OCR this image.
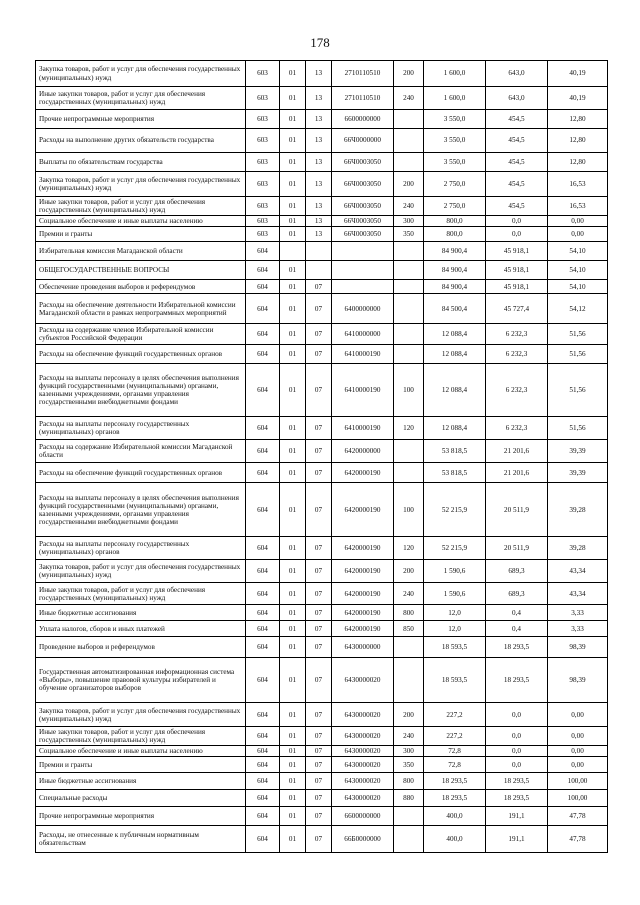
178
Закупка товаров, работ и услуг для обеспечения государственных (муниципальных) нужд	603	01	13	2710110510	200	1 600,0	643,0	40,19
Иные закупки товаров, работ и услуг для обеспечения государственных (муниципальных) нужд	603	01	13	2710110510	240	1 600,0	643,0	40,19
Прочие непрограммные мероприятия	603	01	13	6600000000		3 550,0	454,5	12,80
Расходы на выполнение других обязательств государства	603	01	13	66Ч0000000		3 550,0	454,5	12,80
Выплаты по обязательствам государства	603	01	13	66Ч0003050		3 550,0	454,5	12,80
Закупка товаров, работ и услуг для обеспечения государственных (муниципальных) нужд	603	01	13	66Ч0003050	200	2 750,0	454,5	16,53
Иные закупки товаров, работ и услуг для обеспечения государственных (муниципальных) нужд	603	01	13	66Ч0003050	240	2 750,0	454,5	16,53
Социальное обеспечение и иные выплаты населению	603	01	13	66Ч0003050	300	800,0	0,0	0,00
Премии и гранты	603	01	13	66Ч0003050	350	800,0	0,0	0,00
Избирательная комиссия Магаданской области	604					84 900,4	45 918,1	54,10
ОБЩЕГОСУДАРСТВЕННЫЕ ВОПРОСЫ	604	01				84 900,4	45 918,1	54,10
Обеспечение проведения выборов и референдумов	604	01	07			84 900,4	45 918,1	54,10
Расходы на обеспечение деятельности Избирательной комиссии Магаданской области в рамках непрограммных мероприятий	604	01	07	6400000000		84 500,4	45 727,4	54,12
Расходы на содержание членов Избирательной комиссии субъектов Российской Федерации	604	01	07	6410000000		12 088,4	6 232,3	51,56
Расходы на обеспечение функций государственных органов	604	01	07	6410000190		12 088,4	6 232,3	51,56
Расходы на выплаты персоналу в целях обеспечения выполнения функций государственными (муниципальными) органами, казенными учреждениями, органами управления государственными внебюджетными фондами	604	01	07	6410000190	100	12 088,4	6 232,3	51,56
Расходы на выплаты персоналу государственных (муниципальных) органов	604	01	07	6410000190	120	12 088,4	6 232,3	51,56
Расходы на содержание Избирательной комиссии Магаданской области	604	01	07	6420000000		53 818,5	21 201,6	39,39
Расходы на обеспечение функций государственных органов	604	01	07	6420000190		53 818,5	21 201,6	39,39
Расходы на выплаты персоналу в целях обеспечения выполнения функций государственными (муниципальными) органами, казенными учреждениями, органами управления государственными внебюджетными фондами	604	01	07	6420000190	100	52 215,9	20 511,9	39,28
Расходы на выплаты персоналу государственных (муниципальных) органов	604	01	07	6420000190	120	52 215,9	20 511,9	39,28
Закупка товаров, работ и услуг для обеспечения государственных (муниципальных) нужд	604	01	07	6420000190	200	1 590,6	689,3	43,34
Иные закупки товаров, работ и услуг для обеспечения государственных (муниципальных) нужд	604	01	07	6420000190	240	1 590,6	689,3	43,34
Иные бюджетные ассигнования	604	01	07	6420000190	800	12,0	0,4	3,33
Уплата налогов, сборов и иных платежей	604	01	07	6420000190	850	12,0	0,4	3,33
Проведение выборов и референдумов	604	01	07	6430000000		18 593,5	18 293,5	98,39
Государственная автоматизированная информационная система «Выборы», повышение правовой культуры избирателей и обучение организаторов выборов	604	01	07	6430000020		18 593,5	18 293,5	98,39
Закупка товаров, работ и услуг для обеспечения государственных (муниципальных) нужд	604	01	07	6430000020	200	227,2	0,0	0,00
Иные закупки товаров, работ и услуг для обеспечения государственных (муниципальных) нужд	604	01	07	6430000020	240	227,2	0,0	0,00
Социальное обеспечение и иные выплаты населению	604	01	07	6430000020	300	72,8	0,0	0,00
Премии и гранты	604	01	07	6430000020	350	72,8	0,0	0,00
Иные бюджетные ассигнования	604	01	07	6430000020	800	18 293,5	18 293,5	100,00
Специальные расходы	604	01	07	6430000020	880	18 293,5	18 293,5	100,00
Прочие непрограммные мероприятия	604	01	07	6600000000		400,0	191,1	47,78
Расходы, не отнесенные к публичным нормативным обязательствам	604	01	07	66Б0000000		400,0	191,1	47,78
